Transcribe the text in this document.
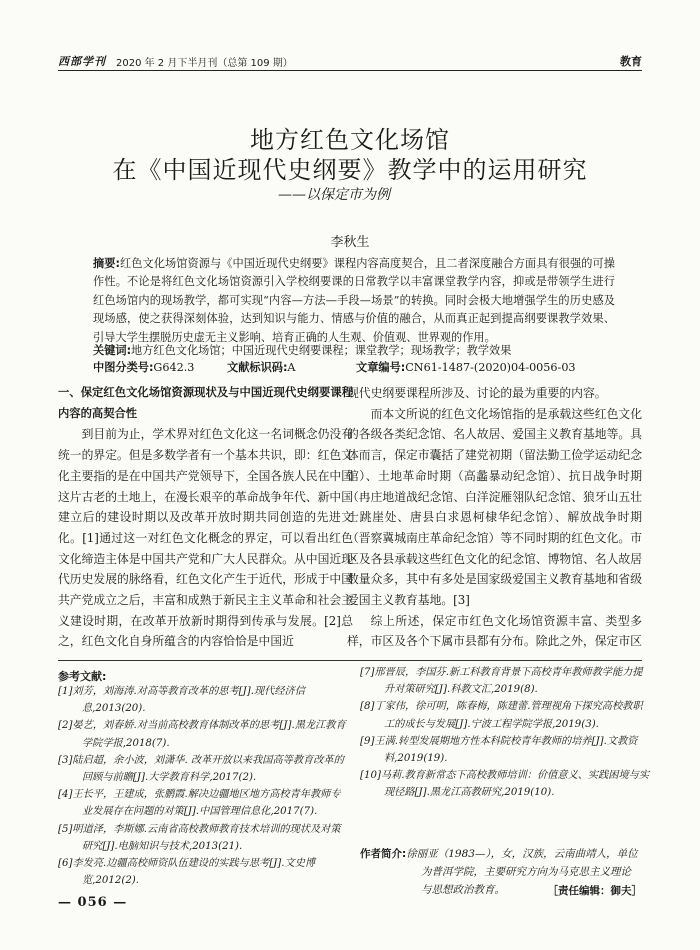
西部学刊 2020 年 2 月下半月刊（总第 109 期）	教育
地方红色文化场馆
在《中国近现代史纲要》教学中的运用研究
——以保定市为例
李秋生
摘要:红色文化场馆资源与《中国近现代史纲要》课程内容高度契合，且二者深度融合方面具有很强的可操作性。不论是将红色文化场馆资源引入学校纲要课的日常教学以丰富课堂教学内容，抑或是带领学生进行红色场馆内的现场教学，都可实现“内容—方法—手段—场景”的转换。同时会极大地增强学生的历史感及现场感，使之获得深刻体验，达到知识与能力、情感与价值的融合，从而真正起到提高纲要课教学效果、引导大学生摆脱历史虚无主义影响、培育正确的人生观、价值观、世界观的作用。
关键词:地方红色文化场馆；中国近现代史纲要课程；课堂教学；现场教学；教学效果
中图分类号:G642.3	文献标识码:A	文章编号:CN61-1487-(2020)04-0056-03
一、保定红色文化场馆资源现状及与中国近现代史纲要课程内容的高契合性

到目前为止，学术界对红色文化这一名词概念仍没有统一的界定。但是多数学者有一个基本共识，即：红色文化主要指的是在中国共产党领导下，全国各族人民在中国这片古老的土地上，在漫长艰辛的革命战争年代、新中国建立后的建设时期以及改革开放时期共同创造的先进文化。[1]通过这一对红色文化概念的界定，可以看出红色文化缔造主体是中国共产党和广大人民群众。从中国近现代历史发展的脉络看，红色文化产生于近代，形成于中国共产党成立之后，丰富和成熟于新民主主义革命和社会主义建设时期，在改革开放新时期得到传承与发展。[2]总之，红色文化自身所蕴含的内容恰恰是中国近

现代史纲要课程所涉及、讨论的最为重要的内容。

而本文所说的红色文化场馆指的是承载这些红色文化的各级各类纪念馆、名人故居、爱国主义教育基地等。具体而言，保定市囊括了建党初期（留法勤工俭学运动纪念馆）、土地革命时期（高蠡暴动纪念馆）、抗日战争时期（冉庄地道战纪念馆、白洋淀雁翎队纪念馆、狼牙山五壮士跳崖处、唐县白求恩柯棣华纪念馆）、解放战争时期（晋察冀城南庄革命纪念馆）等不同时期的红色文化。市区及各县承载这些红色文化的纪念馆、博物馆、名人故居数量众多，其中有多处是国家级爱国主义教育基地和省级爱国主义教育基地。[3]

综上所述，保定市红色文化场馆资源丰富、类型多样，市区及各个下属市县都有分布。除此之外，保定市区

参考文献:
[1]刘芳，刘海涛.对高等教育改革的思考[J].现代经济信息,2013(20).
[2]晏艺，刘春娇.对当前高校教育体制改革的思考[J].黑龙江教育学院学报,2018(7).
[3]陆启超，余小波，刘潇华. 改革开放以来我国高等教育改革的回顾与前瞻[J].大学教育科学,2017(2).
[4]王长平，王建成，张鹏霞.解决边疆地区地方高校青年教师专业发展存在问题的对策[J].中国管理信息化,2017(7).
[5]明道泽，李斯娜.云南省高校教师教育技术培训的现状及对策研究[J].电脑知识与技术,2013(21).
[6]李发亮.边疆高校师资队伍建设的实践与思考[J].文史博览,2012(2).
[7]邢晋辰，李国芬.新工科教育背景下高校青年教师教学能力提升对策研究[J].科教文汇,2019(8).
[8]丁家伟，徐可明，陈春梅，陈建蕾.管理视角下探究高校教职工的成长与发展[J].宁波工程学院学报,2019(3).
[9]王满.转型发展期地方性本科院校青年教师的培养[J].文教资料,2019(19).
[10]马莉.教育新常态下高校教师培训：价值意义、实践困境与实现径路[J].黑龙江高教研究,2019(10).
作者简介:徐丽亚（1983—），女，汉族，云南曲靖人，单位
为普洱学院，主要研究方向为马克思主义理论
与思想政治教育。	［责任编辑：御夫］
— 056 —
